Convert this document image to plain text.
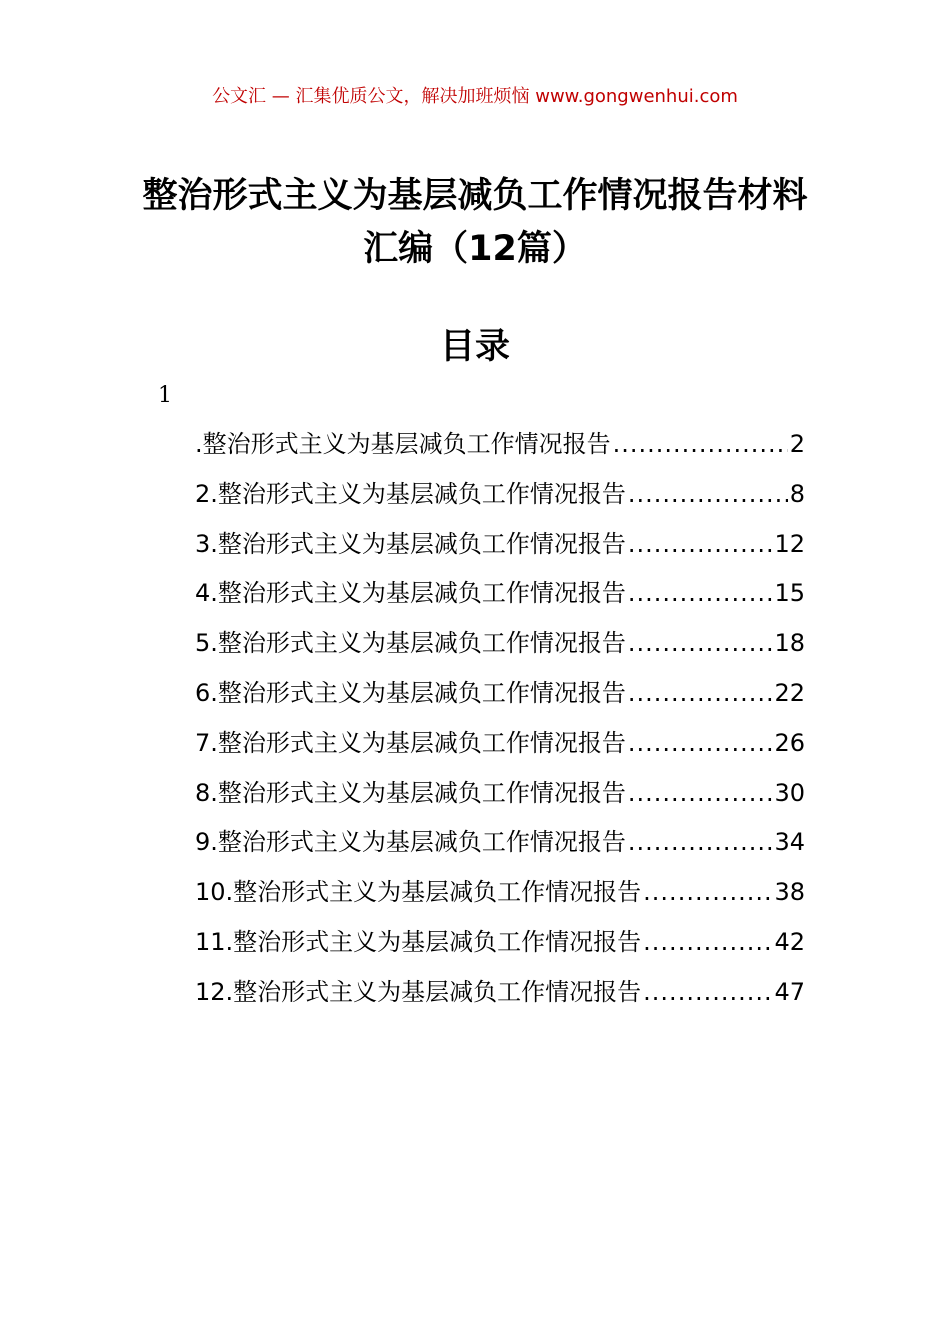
公文汇 — 汇集优质公文，解决加班烦恼 www.gongwenhui.com
整治形式主义为基层减负工作情况报告材料汇编（12篇）
目录
1
.整治形式主义为基层减负工作情况报告 .....	2
2.整治形式主义为基层减负工作情况报告 .....	8
3.整治形式主义为基层减负工作情况报告 .....	12
4.整治形式主义为基层减负工作情况报告 .....	15
5.整治形式主义为基层减负工作情况报告 .....	18
6.整治形式主义为基层减负工作情况报告 .....	22
7.整治形式主义为基层减负工作情况报告 .....	26
8.整治形式主义为基层减负工作情况报告 .....	30
9.整治形式主义为基层减负工作情况报告 .....	34
10.整治形式主义为基层减负工作情况报告 .....	38
11.整治形式主义为基层减负工作情况报告 .....	42
12.整治形式主义为基层减负工作情况报告 .....	47
